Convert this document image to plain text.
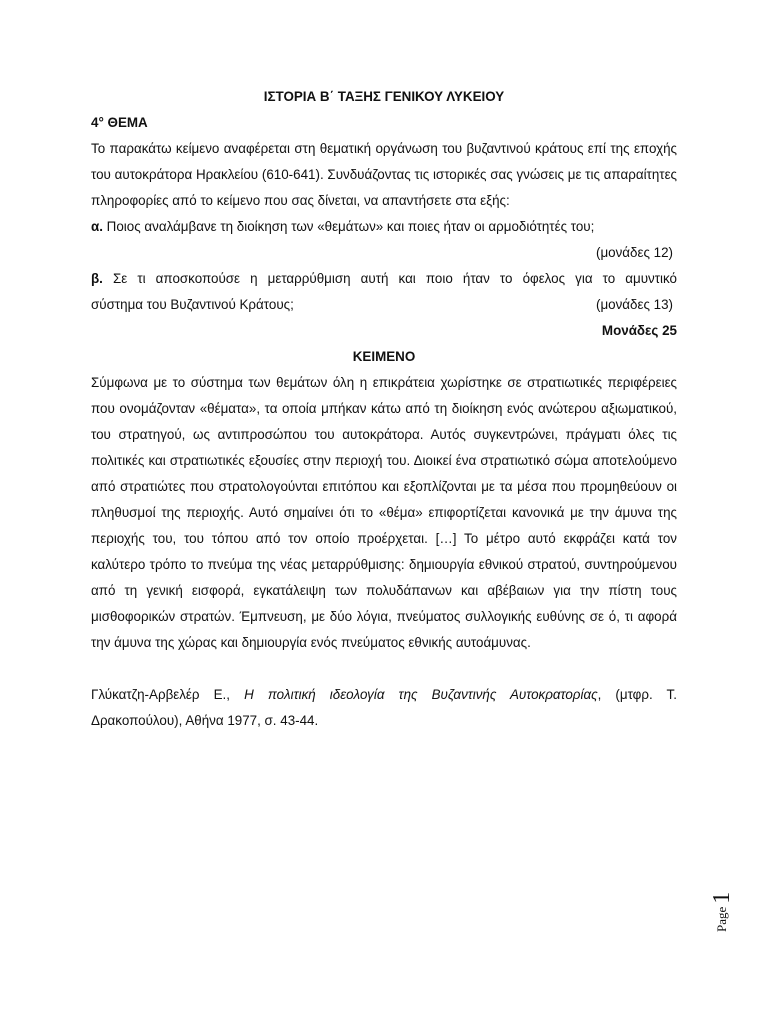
ΙΣΤΟΡΙΑ Β΄ ΤΑΞΗΣ ΓΕΝΙΚΟΥ ΛΥΚΕΙΟΥ
4° ΘΕΜΑ

Το παρακάτω κείμενο αναφέρεται στη θεματική οργάνωση του βυζαντινού κράτους επί της εποχής του αυτοκράτορα Ηρακλείου (610-641). Συνδυάζοντας τις ιστορικές σας γνώσεις με τις απαραίτητες πληροφορίες από το κείμενο που σας δίνεται, να απαντήσετε στα εξής:

α. Ποιος αναλάμβανε τη διοίκηση των «θεμάτων» και ποιες ήταν οι αρμοδιότητές του;

(μονάδες 12)

β. Σε τι αποσκοπούσε η μεταρρύθμιση αυτή και ποιο ήταν το όφελος για το αμυντικό

σύστημα του Βυζαντινού Κράτους;	(μονάδες 13)
Μονάδες 25
ΚΕΙΜΕΝΟ

Σύμφωνα με το σύστημα των θεμάτων όλη η επικράτεια χωρίστηκε σε στρατιωτικές περιφέρειες που ονομάζονταν «θέματα», τα οποία μπήκαν κάτω από τη διοίκηση ενός ανώτερου αξιωματικού, του στρατηγού, ως αντιπροσώπου του αυτοκράτορα. Αυτός συγκεντρώνει, πράγματι όλες τις πολιτικές και στρατιωτικές εξουσίες στην περιοχή του. Διοικεί ένα στρατιωτικό σώμα αποτελούμενο από στρατιώτες που στρατολογούνται επιτόπου και εξοπλίζονται με τα μέσα που προμηθεύουν οι πληθυσμοί της περιοχής. Αυτό σημαίνει ότι το «θέμα» επιφορτίζεται κανονικά με την άμυνα της περιοχής του, του τόπου από τον οποίο προέρχεται. […] Το μέτρο αυτό εκφράζει κατά τον καλύτερο τρόπο το πνεύμα της νέας μεταρρύθμισης: δημιουργία εθνικού στρατού, συντηρούμενου από τη γενική εισφορά, εγκατάλειψη των πολυδάπανων και αβέβαιων για την πίστη τους μισθοφορικών στρατών. Έμπνευση, με δύο λόγια, πνεύματος συλλογικής ευθύνης σε ό, τι αφορά την άμυνα της χώρας και δημιουργία ενός πνεύματος εθνικής αυτοάμυνας.

Γλύκατζη-Αρβελέρ Ε., Η πολιτική ιδεολογία της Βυζαντινής Αυτοκρατορίας, (μτφρ. Τ. Δρακοπούλου), Αθήνα 1977, σ. 43-44.

Page
1
